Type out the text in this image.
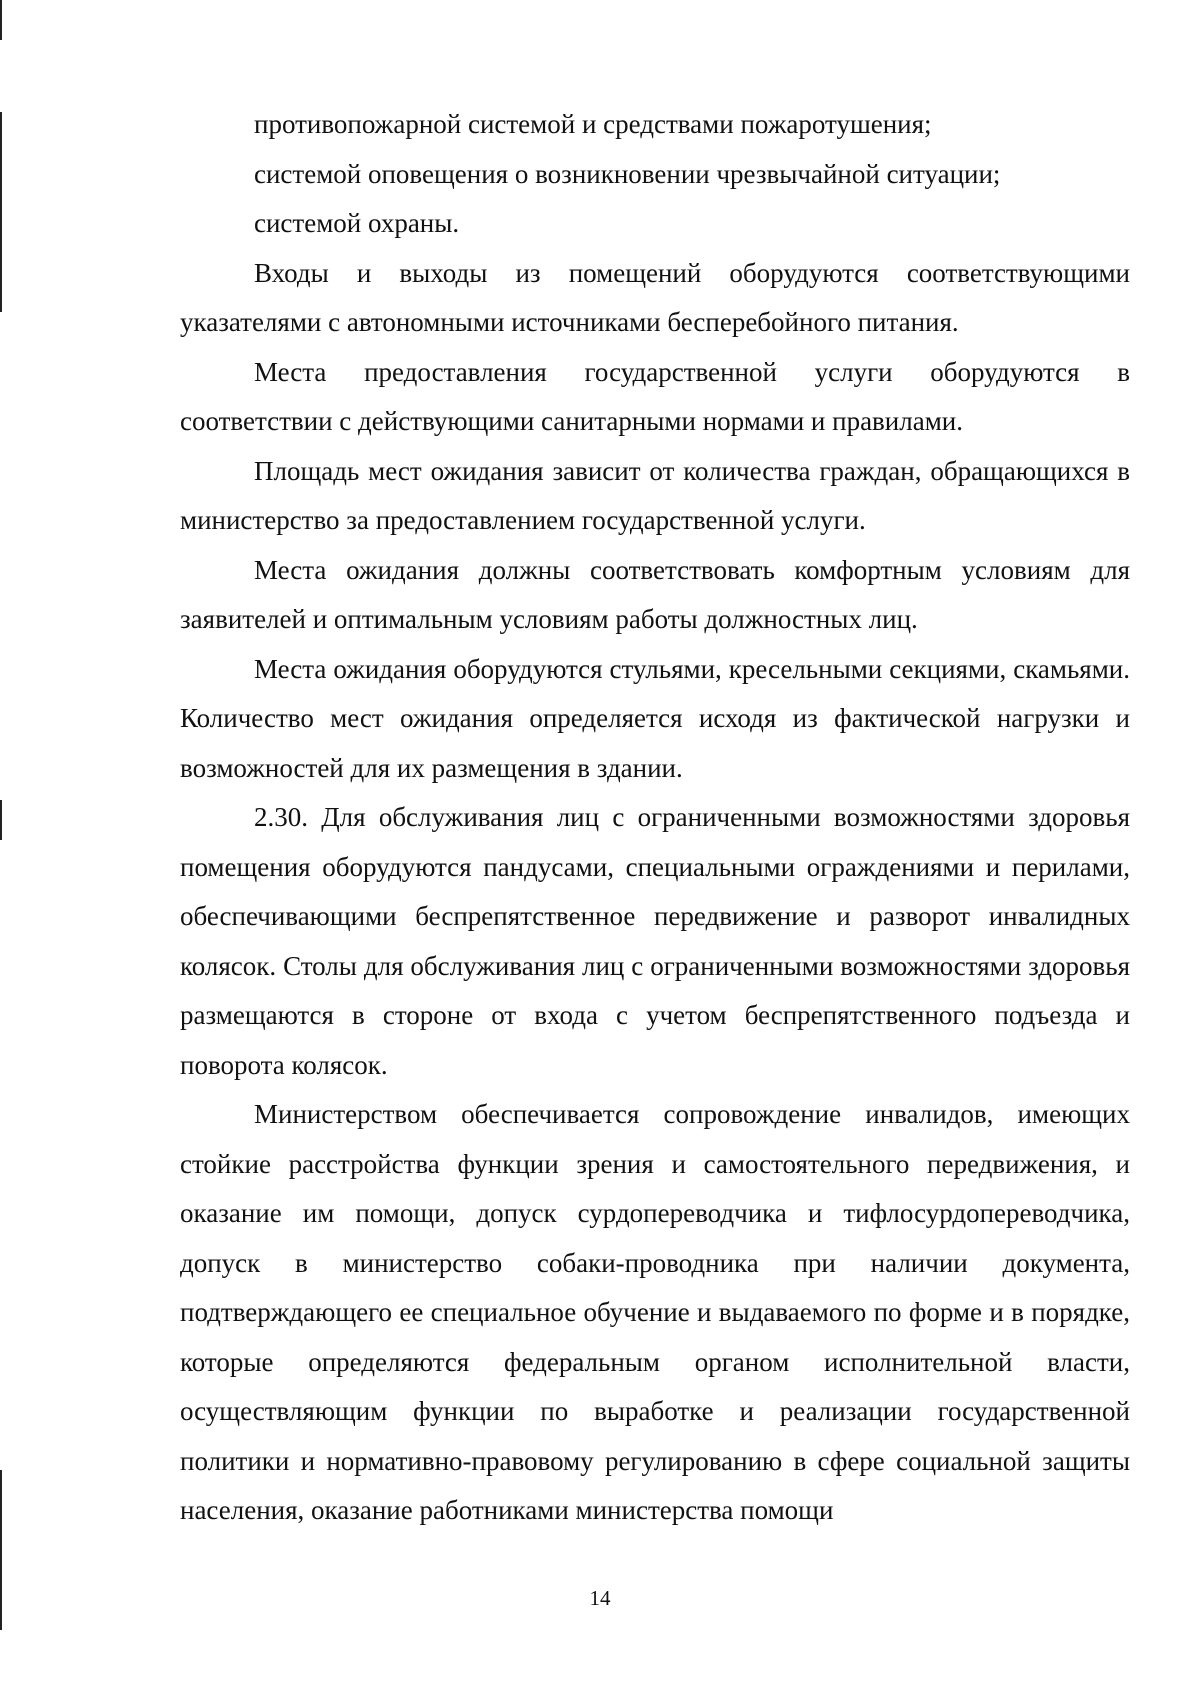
противопожарной системой и средствами пожаротушения;

системой оповещения о возникновении чрезвычайной ситуации;

системой охраны.

Входы и выходы из помещений оборудуются соответствующими указателями с автономными источниками бесперебойного питания.

Места предоставления государственной услуги оборудуются в соответствии с действующими санитарными нормами и правилами.

Площадь мест ожидания зависит от количества граждан, обращающихся в министерство за предоставлением государственной услуги.

Места ожидания должны соответствовать комфортным условиям для заявителей и оптимальным условиям работы должностных лиц.

Места ожидания оборудуются стульями, кресельными секциями, скамьями. Количество мест ожидания определяется исходя из фактической нагрузки и возможностей для их размещения в здании.

2.30. Для обслуживания лиц с ограниченными возможностями здоровья помещения оборудуются пандусами, специальными ограждениями и перилами, обеспечивающими беспрепятственное передвижение и разворот инвалидных колясок. Столы для обслуживания лиц с ограниченными возможностями здоровья размещаются в стороне от входа с учетом беспрепятственного подъезда и поворота колясок.

Министерством обеспечивается сопровождение инвалидов, имеющих стойкие расстройства функции зрения и самостоятельного передвижения, и оказание им помощи, допуск сурдопереводчика и тифлосурдопереводчика, допуск в министерство собаки-проводника при наличии документа, подтверждающего ее специальное обучение и выдаваемого по форме и в порядке, которые определяются федеральным органом исполнительной власти, осуществляющим функции по выработке и реализации государственной политики и нормативно-правовому регулированию в сфере социальной защиты населения, оказание работниками министерства помощи

14
